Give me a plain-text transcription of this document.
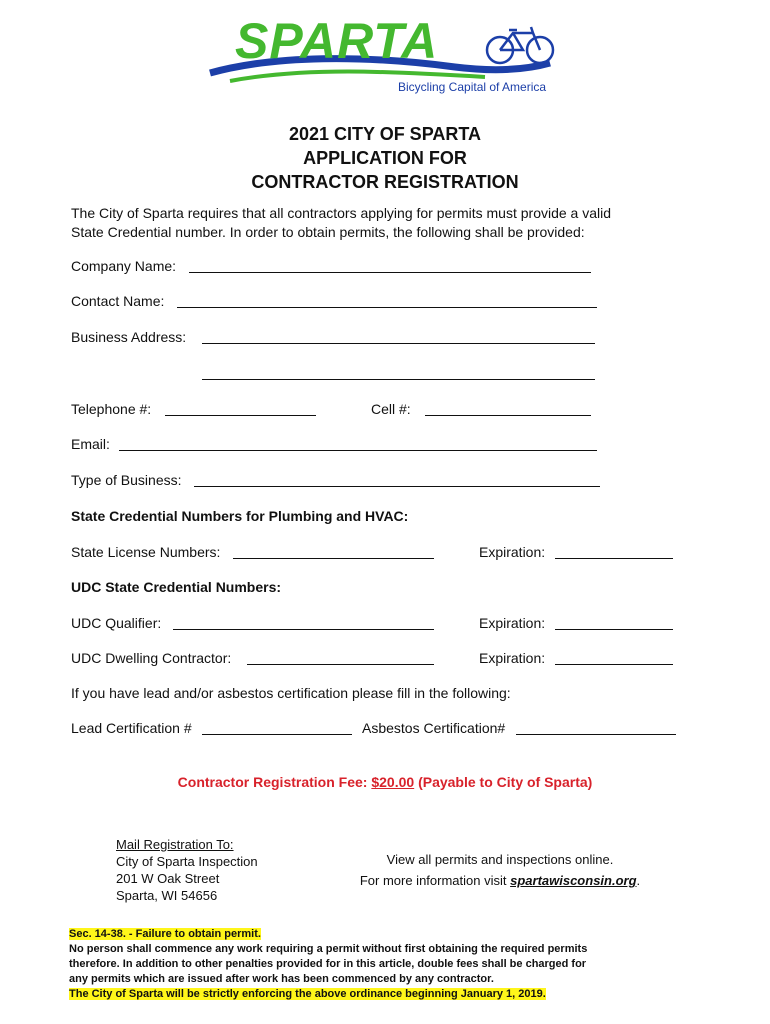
SPARTA
Bicycling Capital of America
2021 CITY OF SPARTA
APPLICATION FOR
CONTRACTOR REGISTRATION
The City of Sparta requires that all contractors applying for permits must provide a valid
State Credential number. In order to obtain permits, the following shall be provided:
Company Name:
Contact Name:
Business Address:
Telephone #:	Cell #:
Email:
Type of Business:
State Credential Numbers for Plumbing and HVAC:
State License Numbers:	Expiration:
UDC State Credential Numbers:
UDC Qualifier:	Expiration:
UDC Dwelling Contractor:	Expiration:
If you have lead and/or asbestos certification please fill in the following:
Lead Certification #	Asbestos Certification#
Contractor Registration Fee: $20.00 (Payable to City of Sparta)
Mail Registration To:
City of Sparta Inspection
201 W Oak Street
Sparta, WI 54656
View all permits and inspections online.
For more information visit spartawisconsin.org.
Sec. 14-38. - Failure to obtain permit.
No person shall commence any work requiring a permit without first obtaining the required permits
therefore. In addition to other penalties provided for in this article, double fees shall be charged for
any permits which are issued after work has been commenced by any contractor.
The City of Sparta will be strictly enforcing the above ordinance beginning January 1, 2019.
